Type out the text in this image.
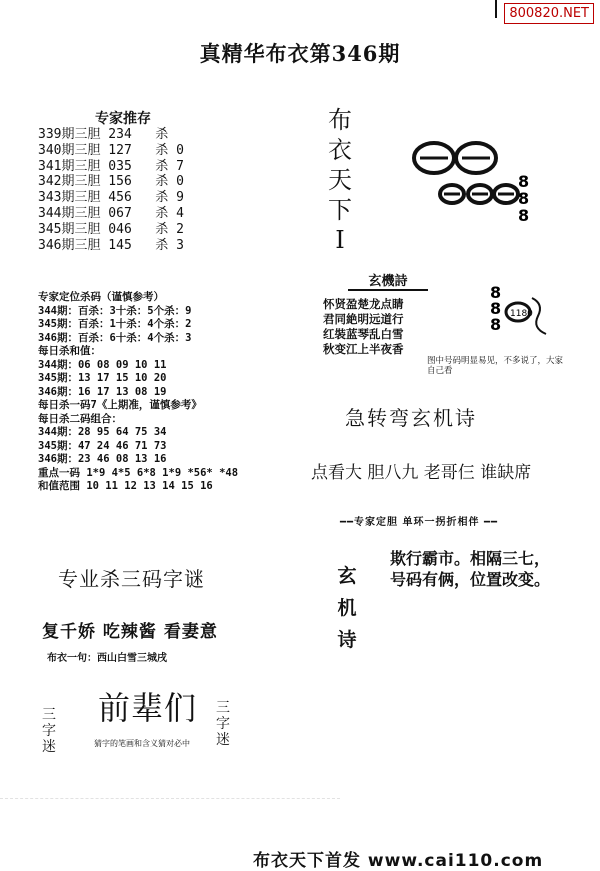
800820.NET
真精华布衣第346期
专家推存
339期三胆 234   杀
340期三胆 127   杀 0
341期三胆 035   杀 7
342期三胆 156   杀 0
343期三胆 456   杀 9
344期三胆 067   杀 4
345期三胆 046   杀 2
346期三胆 145   杀 3
布
衣
天
下
I
8
8
8
玄機詩
怀贤盈楚龙点睛
君同絶明远道行
红裝蓝琴乱白雪
秋变江上半夜香
8
8
8
1180
图中号码明显易见，不多说了，大家自己看
专家定位杀码（谨慎参考）
344期：百杀：3十杀：5个杀：9
345期：百杀：1十杀：4个杀：2
346期：百杀：6十杀：4个杀：3
每日杀和值：
344期：06 08 09 10 11
345期：13 17 15 10 20
346期：16 17 13 08 19
每日杀一码7《上期准，谨慎参考》
每日杀二码组合：
344期：28 95 64 75 34
345期：47 24 46 71 73
346期：23 46 08 13 16
重点一码 1*9 4*5 6*8 1*9 *56* *48
和值范围 10 11 12 13 14 15 16
急转弯玄机诗
点看大 胆八九 老哥仨 谁缺席
━━专家定胆 单环一拐折相伴 ━━
玄
机
诗
欺行霸市。相隔三七，
号码有俩，位置改变。
专业杀三码字谜
复千娇 吃辣酱 看妻意
布衣一句：西山白雪三城戌
三
字
迷
前辈们
猜字的笔画和含义猜对必中
三
字
迷
布衣天下首发 www.cai110.com
